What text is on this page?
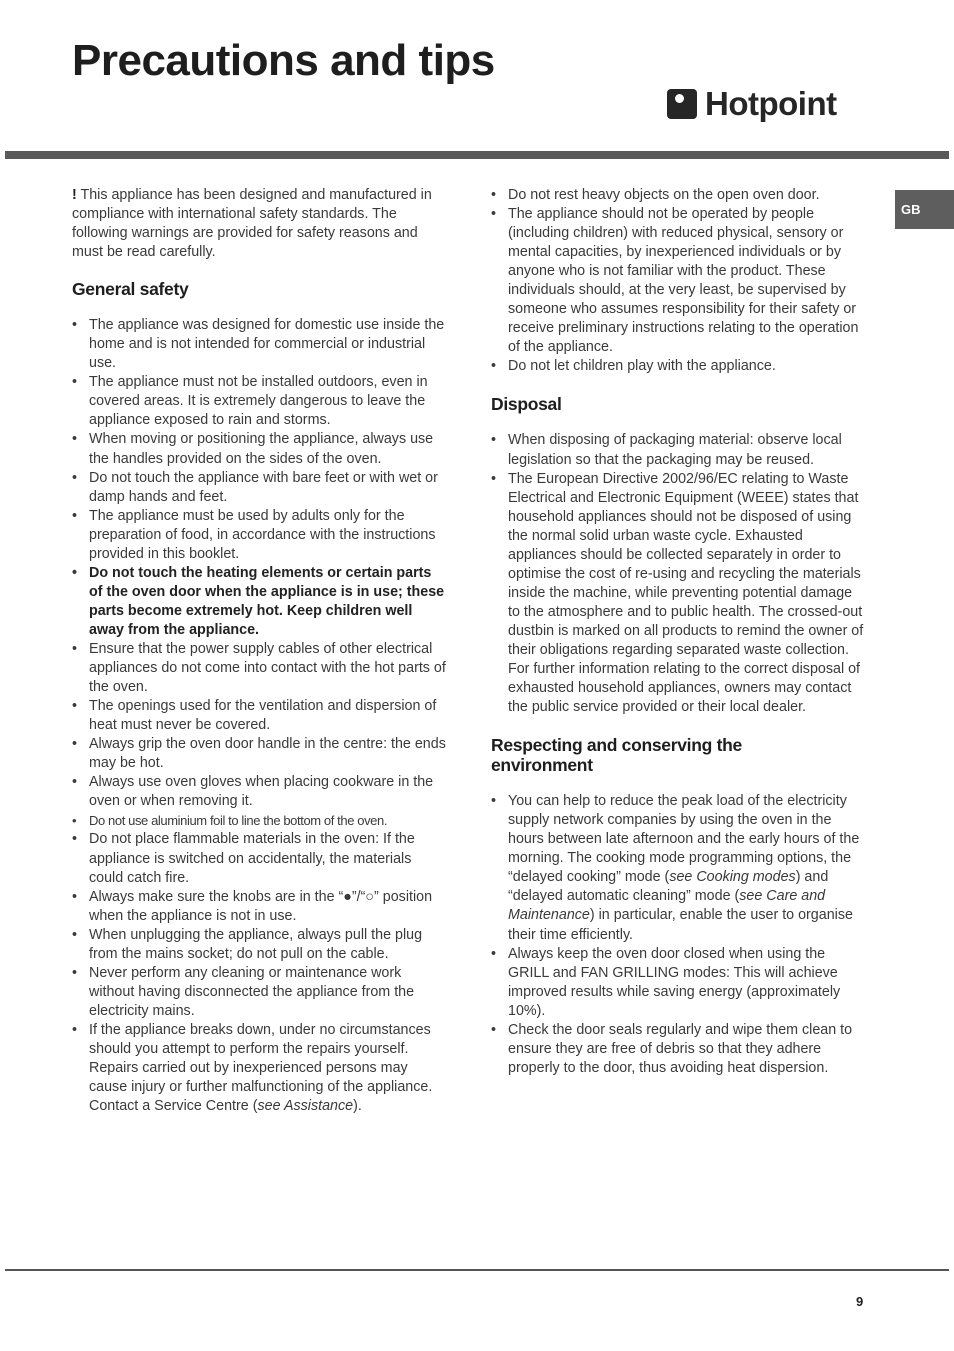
Precautions and tips
Hotpoint
GB

! This appliance has been designed and manufactured in compliance with international safety standards. The following warnings are provided for safety reasons and must be read carefully.

General safety
• The appliance was designed for domestic use inside the home and is not intended for commercial or industrial use.
• The appliance must not be installed outdoors, even in covered areas. It is extremely dangerous to leave the appliance exposed to rain and storms.
• When moving or positioning the appliance, always use the handles provided on the sides of the oven.
• Do not touch the appliance with bare feet or with wet or damp hands and feet.
• The appliance must be used by adults only for the preparation of food, in accordance with the instructions provided in this booklet.
• Do not touch the heating elements or certain parts of the oven door when the appliance is in use; these parts become extremely hot. Keep children well away from the appliance.
• Ensure that the power supply cables of other electrical appliances do not come into contact with the hot parts of the oven.
• The openings used for the ventilation and dispersion of heat must never be covered.
• Always grip the oven door handle in the centre: the ends may be hot.
• Always use oven gloves when placing cookware in the oven or when removing it.
• Do not use aluminium foil to line the bottom of the oven.
• Do not place flammable materials in the oven: If the appliance is switched on accidentally, the materials could catch fire.
• Always make sure the knobs are in the “●”/“○” position when the appliance is not in use.
• When unplugging the appliance, always pull the plug from the mains socket; do not pull on the cable.
• Never perform any cleaning or maintenance work without having disconnected the appliance from the electricity mains.
• If the appliance breaks down, under no circumstances should you attempt to perform the repairs yourself. Repairs carried out by inexperienced persons may cause injury or further malfunctioning of the appliance. Contact a Service Centre (see Assistance).
• Do not rest heavy objects on the open oven door.
• The appliance should not be operated by people (including children) with reduced physical, sensory or mental capacities, by inexperienced individuals or by anyone who is not familiar with the product. These individuals should, at the very least, be supervised by someone who assumes responsibility for their safety or receive preliminary instructions relating to the operation of the appliance.
• Do not let children play with the appliance.
Disposal
• When disposing of packaging material: observe local legislation so that the packaging may be reused.
• The European Directive 2002/96/EC relating to Waste Electrical and Electronic Equipment (WEEE) states that household appliances should not be disposed of using the normal solid urban waste cycle. Exhausted appliances should be collected separately in order to optimise the cost of re-using and recycling the materials inside the machine, while preventing potential damage to the atmosphere and to public health. The crossed-out dustbin is marked on all products to remind the owner of their obligations regarding separated waste collection. For further information relating to the correct disposal of exhausted household appliances, owners may contact the public service provided or their local dealer.
Respecting and conserving the
environment
• You can help to reduce the peak load of the electricity supply network companies by using the oven in the hours between late afternoon and the early hours of the morning. The cooking mode programming options, the “delayed cooking” mode (see Cooking modes) and “delayed automatic cleaning” mode (see Care and Maintenance) in particular, enable the user to organise their time efficiently.
• Always keep the oven door closed when using the GRILL and FAN GRILLING modes: This will achieve improved results while saving energy (approximately 10%).
• Check the door seals regularly and wipe them clean to ensure they are free of debris so that they adhere properly to the door, thus avoiding heat dispersion.
9
